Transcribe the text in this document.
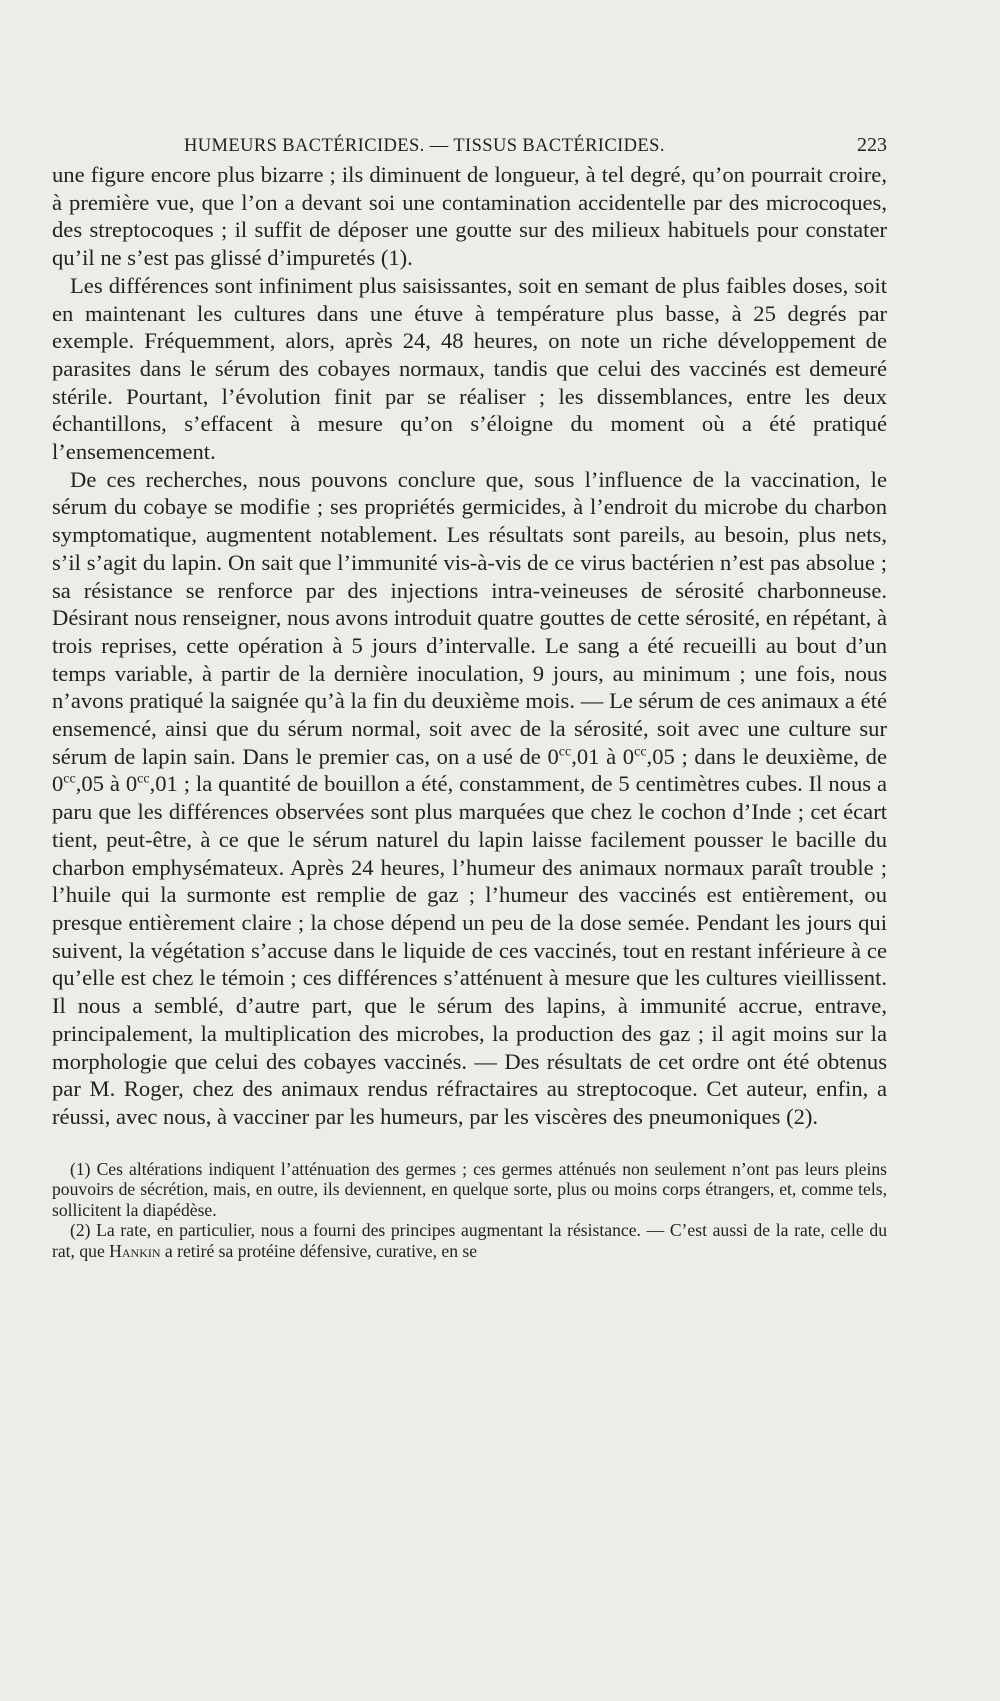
HUMEURS BACTÉRICIDES. — TISSUS BACTÉRICIDES.	223

une figure encore plus bizarre ; ils diminuent de longueur, à tel degré, qu’on pourrait croire, à première vue, que l’on a devant soi une contamination accidentelle par des microcoques, des streptocoques ; il suffit de déposer une goutte sur des milieux habituels pour constater qu’il ne s’est pas glissé d’impuretés (1).

Les différences sont infiniment plus saisissantes, soit en semant de plus faibles doses, soit en maintenant les cultures dans une étuve à température plus basse, à 25 degrés par exemple. Fréquemment, alors, après 24, 48 heures, on note un riche développement de parasites dans le sérum des cobayes normaux, tandis que celui des vaccinés est demeuré stérile. Pourtant, l’évolution finit par se réaliser ; les dissemblances, entre les deux échantillons, s’effacent à mesure qu’on s’éloigne du moment où a été pratiqué l’ensemencement.

De ces recherches, nous pouvons conclure que, sous l’influence de la vaccination, le sérum du cobaye se modifie ; ses propriétés germicides, à l’endroit du microbe du charbon symptomatique, augmentent notablement. Les résultats sont pareils, au besoin, plus nets, s’il s’agit du lapin. On sait que l’immunité vis-à-vis de ce virus bactérien n’est pas absolue ; sa résistance se renforce par des injections intra-veineuses de sérosité charbonneuse. Désirant nous renseigner, nous avons introduit quatre gouttes de cette sérosité, en répétant, à trois reprises, cette opération à 5 jours d’intervalle. Le sang a été recueilli au bout d’un temps variable, à partir de la dernière inoculation, 9 jours, au minimum ; une fois, nous n’avons pratiqué la saignée qu’à la fin du deuxième mois. — Le sérum de ces animaux a été ensemencé, ainsi que du sérum normal, soit avec de la sérosité, soit avec une culture sur sérum de lapin sain. Dans le premier cas, on a usé de $0^{cc},01$ à $0^{cc},05$ ; dans le deuxième, de $0^{cc},05$ à $0^{cc},01$ ; la quantité de bouillon a été, constamment, de 5 centimètres cubes. Il nous a paru que les différences observées sont plus marquées que chez le cochon d’Inde ; cet écart tient, peut-être, à ce que le sérum naturel du lapin laisse facilement pousser le bacille du charbon emphysémateux. Après 24 heures, l’humeur des animaux normaux paraît trouble ; l’huile qui la surmonte est remplie de gaz ; l’humeur des vaccinés est entièrement, ou presque entièrement claire ; la chose dépend un peu de la dose semée. Pendant les jours qui suivent, la végétation s’accuse dans le liquide de ces vaccinés, tout en restant inférieure à ce qu’elle est chez le témoin ; ces différences s’atténuent à mesure que les cultures vieillissent. Il nous a semblé, d’autre part, que le sérum des lapins, à immunité accrue, entrave, principalement, la multiplication des microbes, la production des gaz ; il agit moins sur la morphologie que celui des cobayes vaccinés. — Des résultats de cet ordre ont été obtenus par M. Roger, chez des animaux rendus réfractaires au streptocoque. Cet auteur, enfin, a réussi, avec nous, à vacciner par les humeurs, par les viscères des pneumoniques (2).

(1) Ces altérations indiquent l’atténuation des germes ; ces germes atténués non seulement n’ont pas leurs pleins pouvoirs de sécrétion, mais, en outre, ils deviennent, en quelque sorte, plus ou moins corps étrangers, et, comme tels, sollicitent la diapédèse.

(2) La rate, en particulier, nous a fourni des principes augmentant la résistance. — C’est aussi de la rate, celle du rat, que Hankin a retiré sa protéine défensive, curative, en se
